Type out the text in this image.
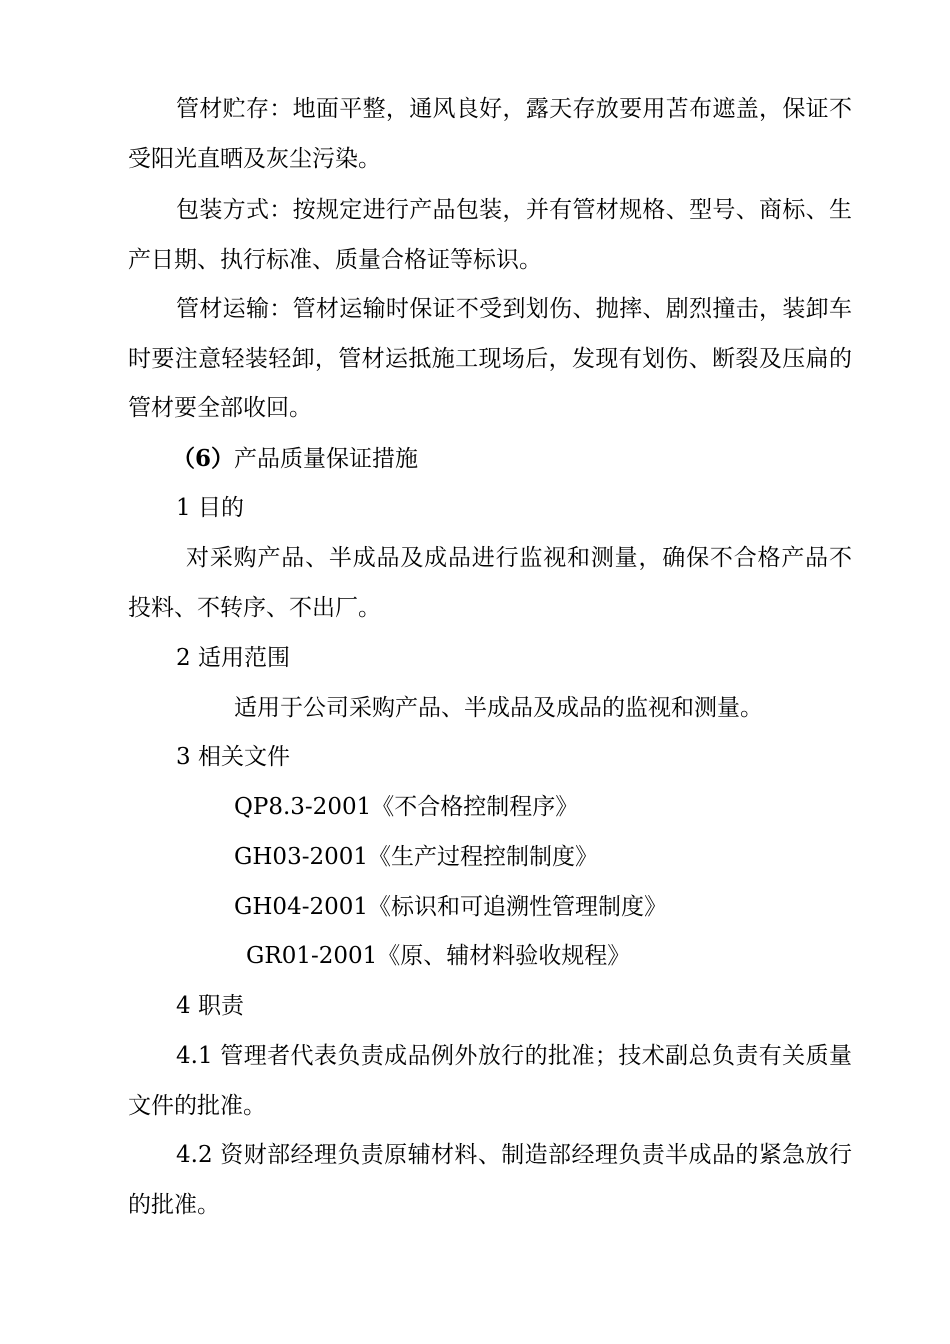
管材贮存：地面平整，通风良好，露天存放要用苫布遮盖，保证不受阳光直晒及灰尘污染。

包装方式：按规定进行产品包装，并有管材规格、型号、商标、生产日期、执行标准、质量合格证等标识。

管材运输：管材运输时保证不受到划伤、抛摔、剧烈撞击，装卸车时要注意轻装轻卸，管材运抵施工现场后，发现有划伤、断裂及压扁的管材要全部收回。

（6）产品质量保证措施

1 目的

对采购产品、半成品及成品进行监视和测量，确保不合格产品不投料、不转序、不出厂。

2 适用范围

适用于公司采购产品、半成品及成品的监视和测量。

3 相关文件

QP8.3-2001《不合格控制程序》

GH03-2001《生产过程控制制度》

GH04-2001《标识和可追溯性管理制度》

GR01-2001《原、辅材料验收规程》

4 职责

4.1 管理者代表负责成品例外放行的批准；技术副总负责有关质量文件的批准。

4.2 资财部经理负责原辅材料、制造部经理负责半成品的紧急放行的批准。
